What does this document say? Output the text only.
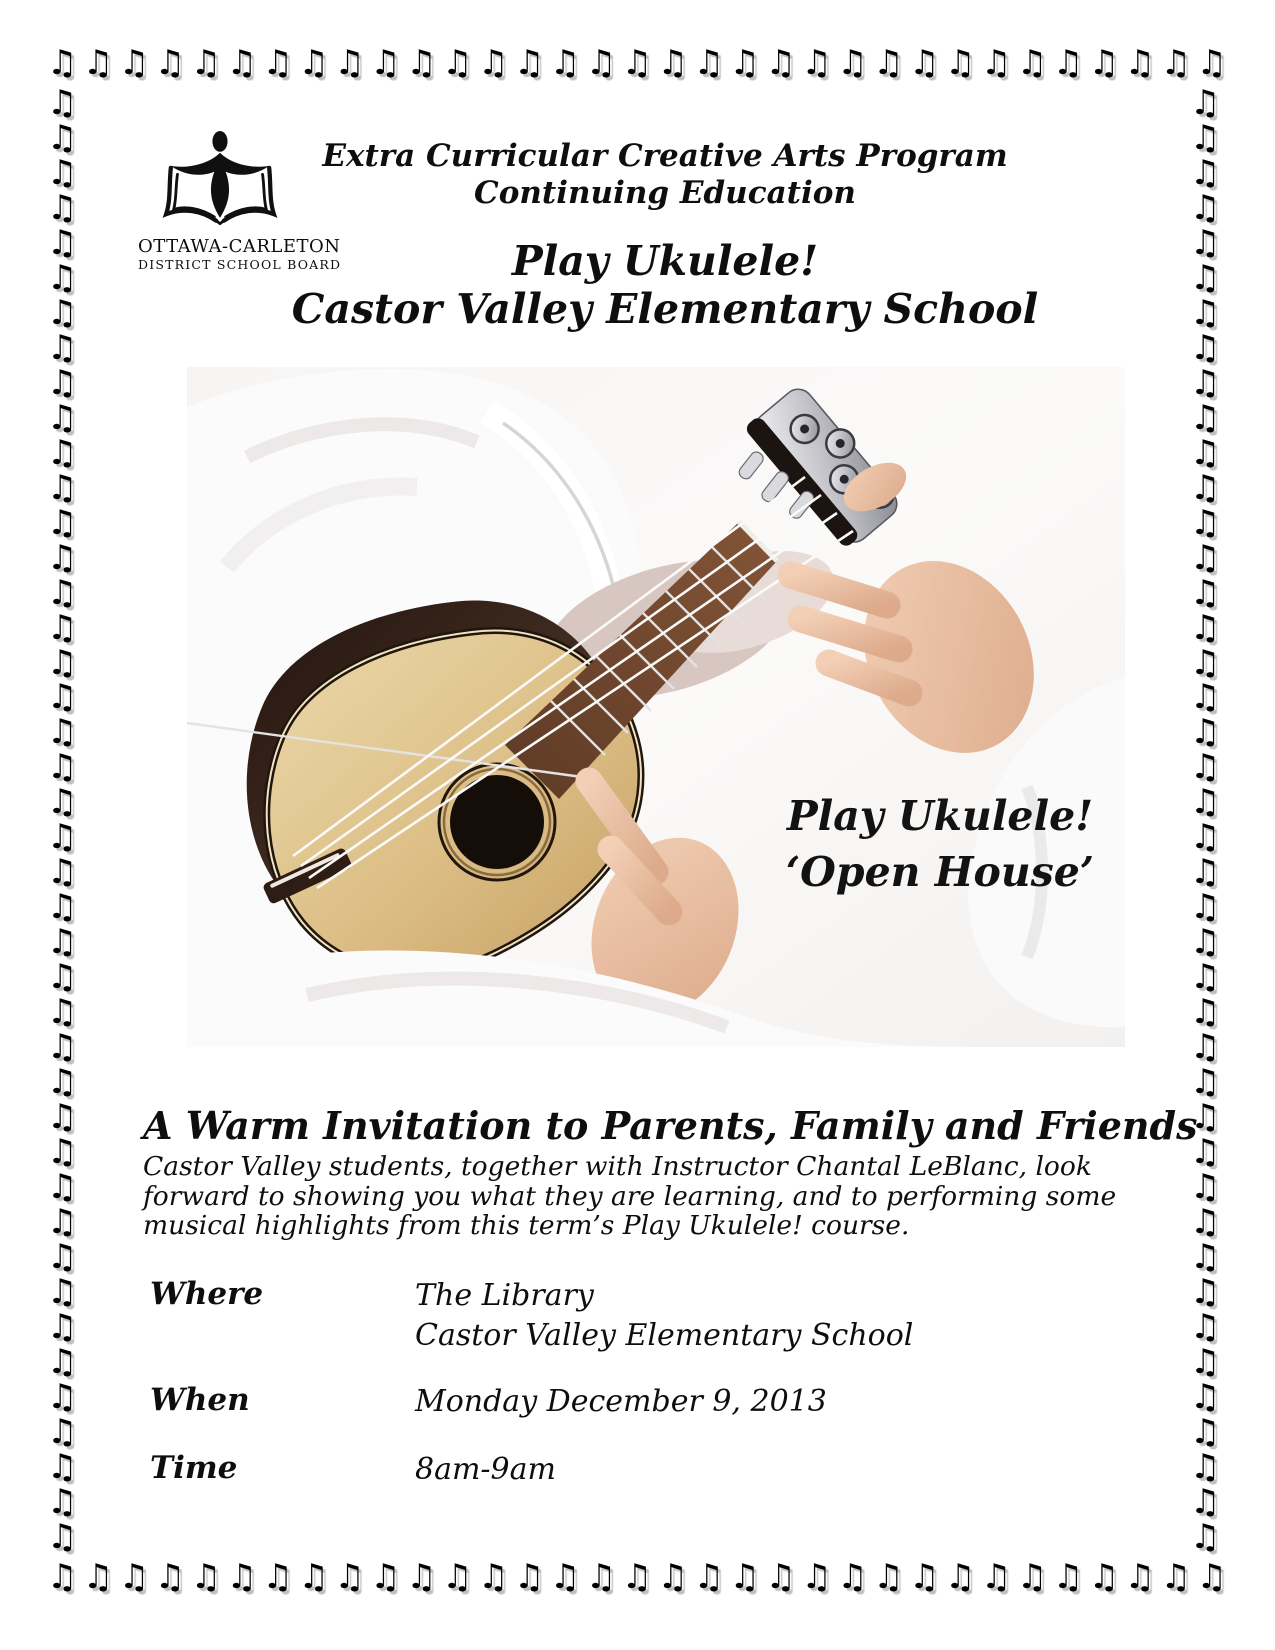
♫ ♫ ♫ ♫ ♫ ♫ ♫ ♫ ♫ ♫ ♫ ♫ ♫ ♫ ♫ ♫ ♫ ♫ ♫ ♫ ♫ ♫ ♫ ♫ ♫ ♫ ♫ ♫ ♫ ♫ ♫ ♫ ♫
♫ ♫ ♫ ♫ ♫ ♫ ♫ ♫ ♫ ♫ ♫ ♫ ♫ ♫ ♫ ♫ ♫ ♫ ♫ ♫ ♫ ♫ ♫ ♫ ♫ ♫ ♫ ♫ ♫ ♫ ♫ ♫ ♫
♫
♫
♫
♫
♫
♫
♫
♫
♫
♫
♫
♫
♫
♫
♫
♫
♫
♫
♫
♫
♫
♫
♫
♫
♫
♫
♫
♫
♫
♫
♫
♫
♫
♫
♫
♫
♫
♫
♫
♫
♫
♫
♫
♫
♫
♫
♫
♫
♫
♫
♫
♫
♫
♫
♫
♫
♫
♫
♫
♫
♫
♫
♫
♫
♫
♫
♫
♫
♫
♫
♫
♫
♫
♫
♫
♫
♫
♫
♫
♫
♫
♫
♫
♫
OTTAWA-CARLETON
DISTRICT SCHOOL BOARD
Extra Curricular Creative Arts Program
Continuing Education
Play Ukulele!
Castor Valley Elementary School
Play Ukulele!
‘Open House’
A Warm Invitation to Parents, Family and Friends
Castor Valley students, together with Instructor Chantal LeBlanc, look forward to showing you what they are learning, and to performing some musical highlights from this term’s Play Ukulele! course.
Where	The Library
Castor Valley Elementary School
When	Monday December 9, 2013
Time	8am-9am
